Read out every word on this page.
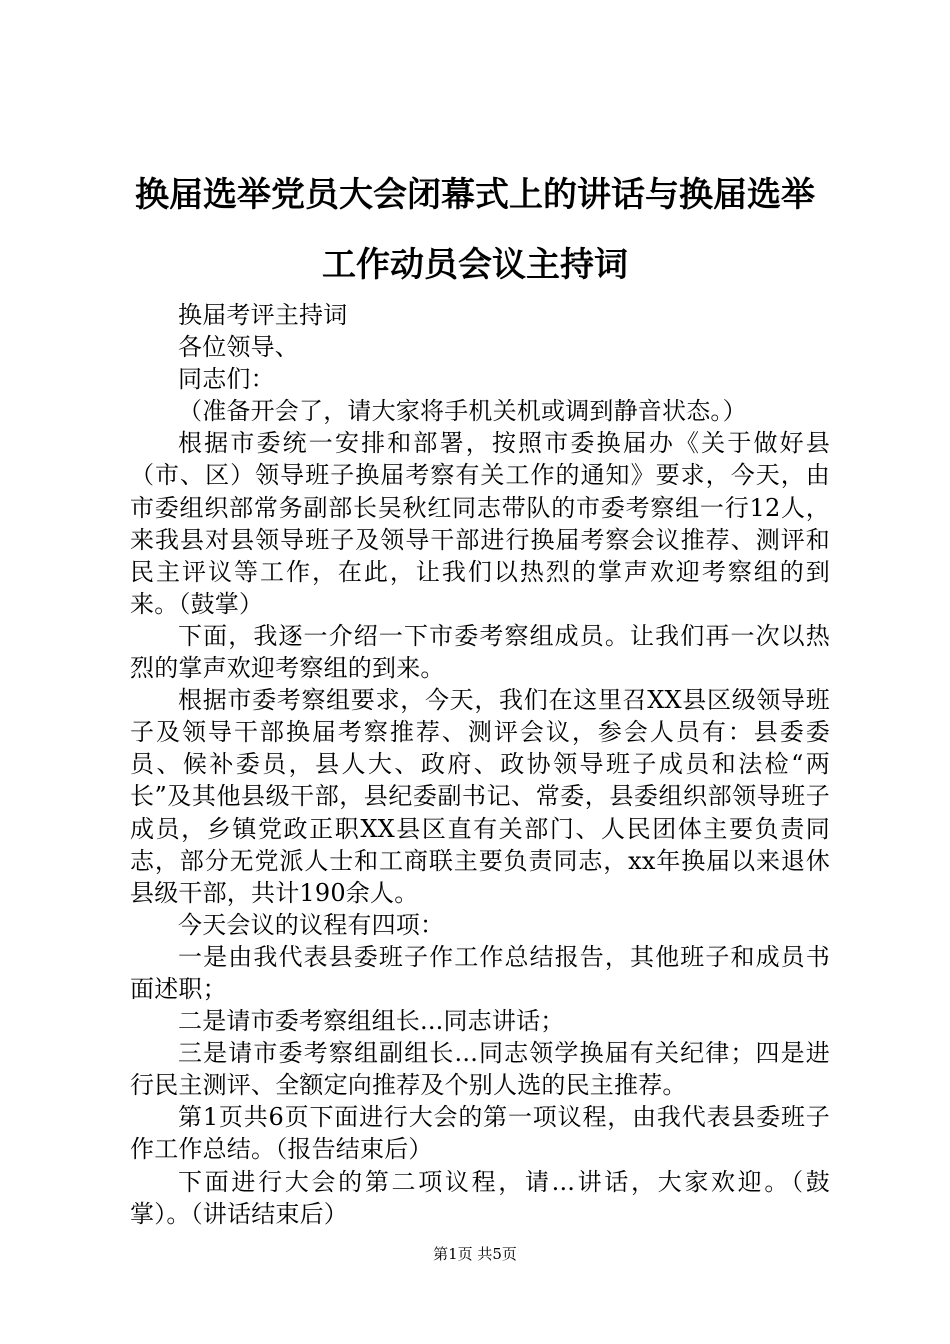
换届选举党员大会闭幕式上的讲话与换届选举工作动员会议主持词

换届考评主持词

各位领导、

同志们：

（准备开会了，请大家将手机关机或调到静音状态。）

根据市委统一安排和部署，按照市委换届办《关于做好县（市、区）领导班子换届考察有关工作的通知》要求，今天，由市委组织部常务副部长吴秋红同志带队的市委考察组一行12人，来我县对县领导班子及领导干部进行换届考察会议推荐、测评和民主评议等工作，在此，让我们以热烈的掌声欢迎考察组的到来。（鼓掌）

下面，我逐一介绍一下市委考察组成员。让我们再一次以热烈的掌声欢迎考察组的到来。

根据市委考察组要求，今天，我们在这里召XX县区级领导班子及领导干部换届考察推荐、测评会议，参会人员有：县委委员、候补委员，县人大、政府、政协领导班子成员和法检“两长”及其他县级干部，县纪委副书记、常委，县委组织部领导班子成员，乡镇党政正职XX县区直有关部门、人民团体主要负责同志，部分无党派人士和工商联主要负责同志，xx年换届以来退休县级干部，共计190余人。

今天会议的议程有四项：

一是由我代表县委班子作工作总结报告，其他班子和成员书面述职；

二是请市委考察组组长...同志讲话；

三是请市委考察组副组长...同志领学换届有关纪律；四是进行民主测评、全额定向推荐及个别人选的民主推荐。

第1页共6页下面进行大会的第一项议程，由我代表县委班子作工作总结。（报告结束后）

下面进行大会的第二项议程，请...讲话，大家欢迎。（鼓掌）。（讲话结束后）

第1页 共5页
